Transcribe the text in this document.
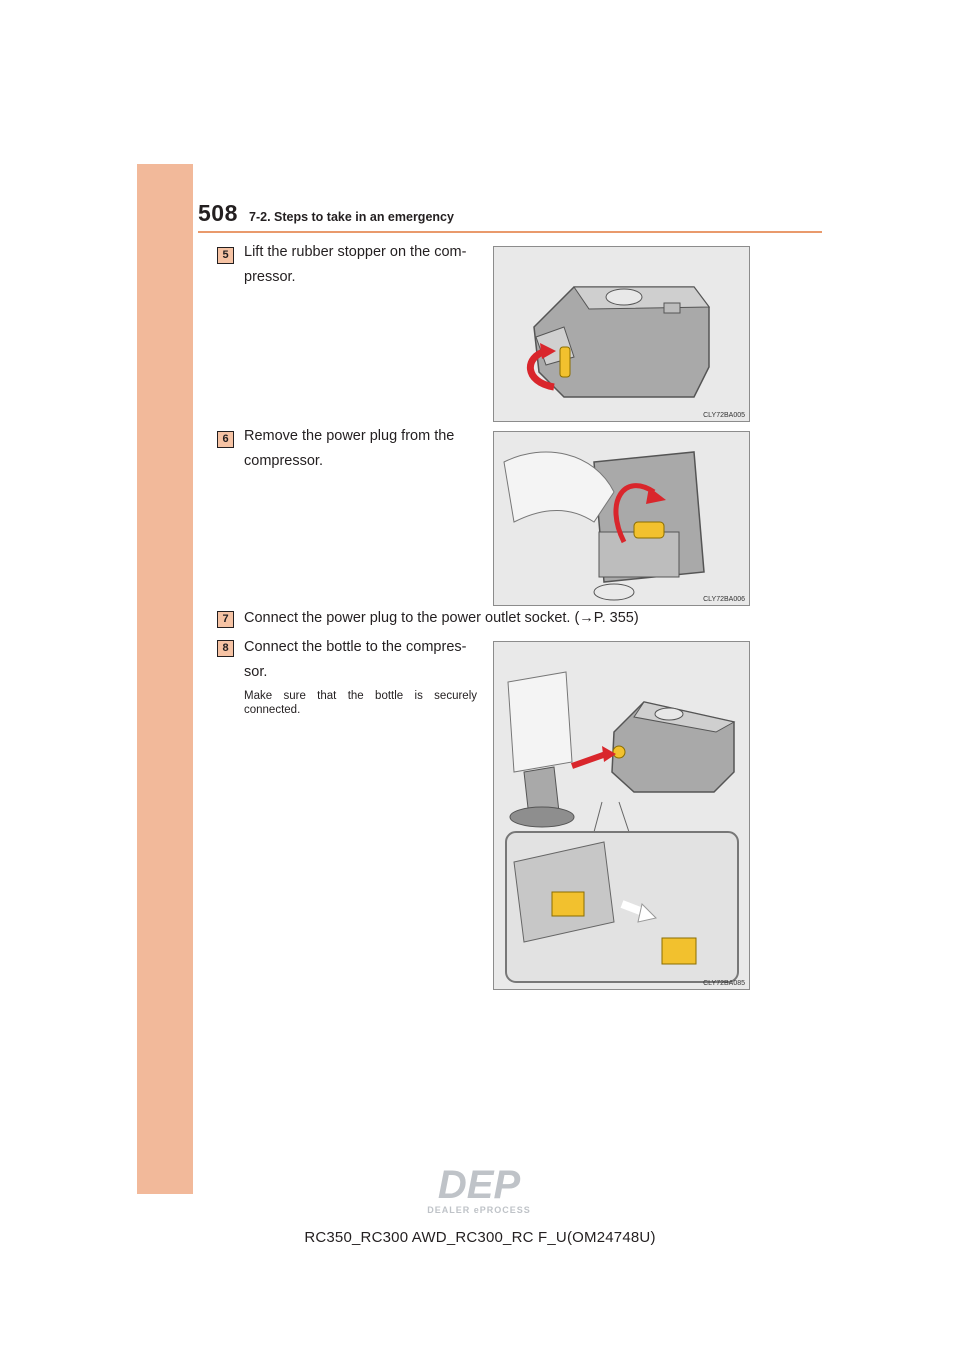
508 7-2. Steps to take in an emergency
5	Lift the rubber stopper on the com-
pressor.
CLY72BA005
6	Remove the power plug from the
compressor.
CLY72BA006
7	Connect the power plug to the power outlet socket. (→P. 355)
8	Connect the bottle to the compres-
sor.
Make sure that the bottle is securely connected.
CLY72BA085
DEP
DEALER ePROCESS
RC350_RC300 AWD_RC300_RC F_U(OM24748U)
